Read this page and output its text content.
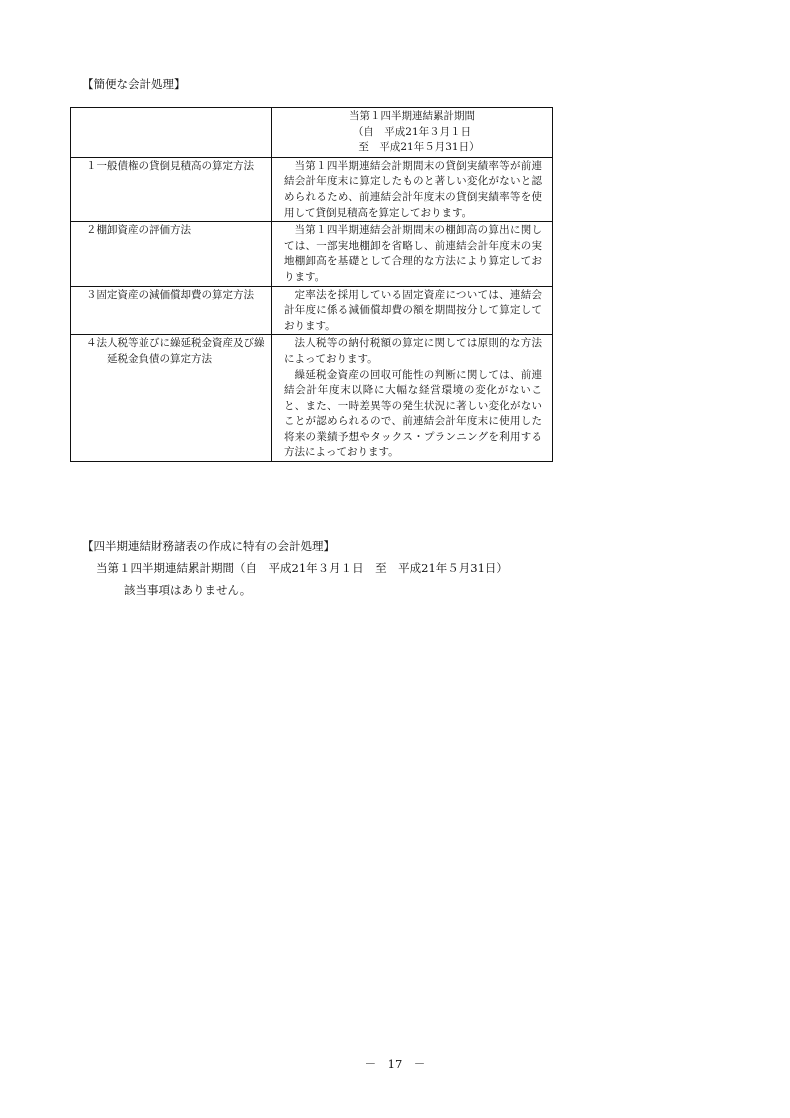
【簡便な会計処理】

	当第１四半期連結累計期間
（自　平成21年３月１日
至　平成21年５月31日）

１ 一般債権の貸倒見積高の算定方法	当第１四半期連結会計期間末の貸倒実績率等が前連結会計年度末に算定したものと著しい変化がないと認められるため、前連結会計年度末の貸倒実績率等を使用して貸倒見積高を算定しております。

２ 棚卸資産の評価方法	当第１四半期連結会計期間末の棚卸高の算出に関しては、一部実地棚卸を省略し、前連結会計年度末の実地棚卸高を基礎として合理的な方法により算定しております。

３ 固定資産の減価償却費の算定方法	定率法を採用している固定資産については、連結会計年度に係る減価償却費の額を期間按分して算定しております。

４ 法人税等並びに繰延税金資産及び繰延税金負債の算定方法	法人税等の納付税額の算定に関しては原則的な方法によっております。
繰延税金資産の回収可能性の判断に関しては、前連結会計年度末以降に大幅な経営環境の変化がないこと、また、一時差異等の発生状況に著しい変化がないことが認められるので、前連結会計年度末に使用した将来の業績予想やタックス・プランニングを利用する方法によっております。
【四半期連結財務諸表の作成に特有の会計処理】
当第１四半期連結累計期間（自　平成21年３月１日　至　平成21年５月31日）
該当事項はありません。
－　17　－
